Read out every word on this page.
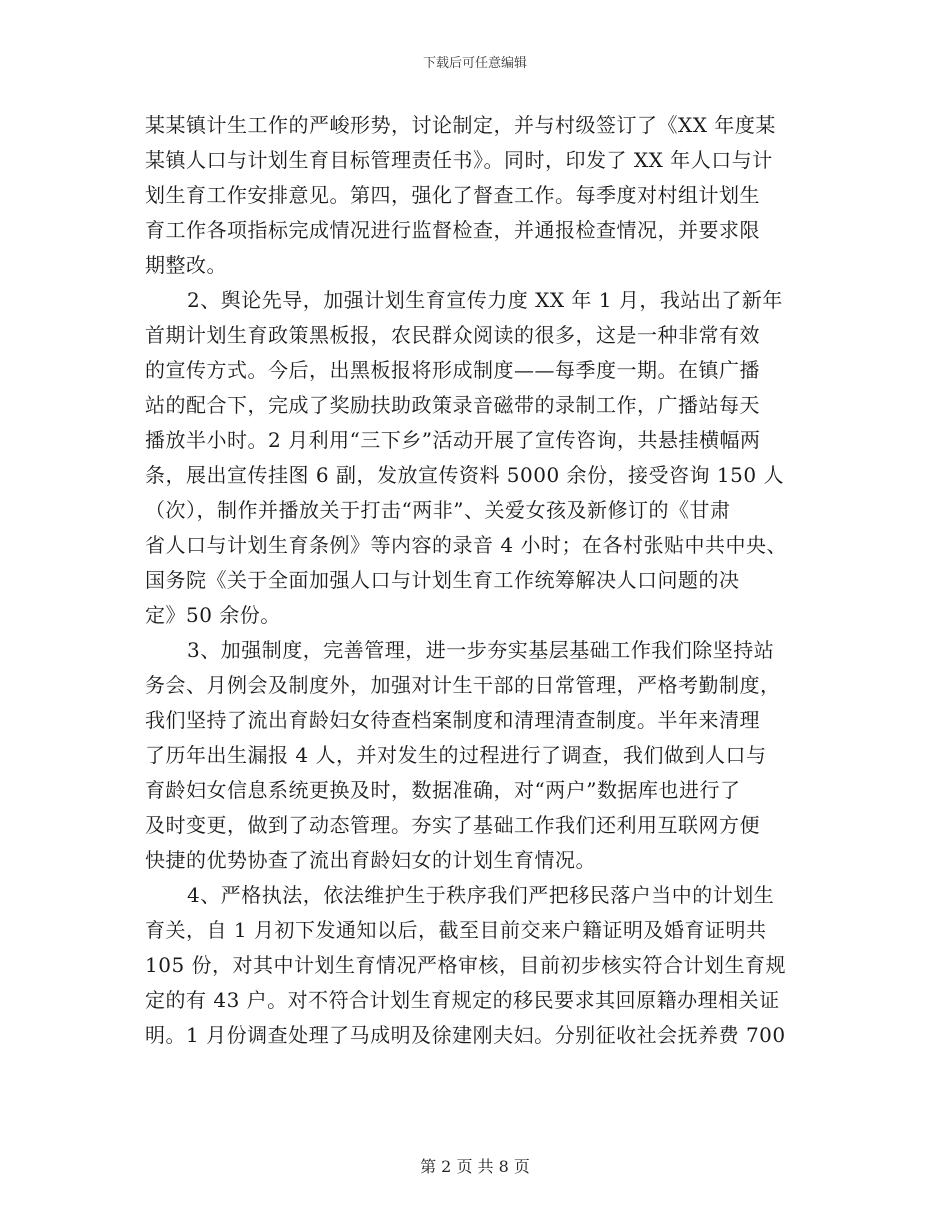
下载后可任意编辑
某某镇计生工作的严峻形势，讨论制定，并与村级签订了《XX 年度某
某镇人口与计划生育目标管理责任书》。同时，印发了 XX 年人口与计
划生育工作安排意见。第四，强化了督查工作。每季度对村组计划生
育工作各项指标完成情况进行监督检查，并通报检查情况，并要求限
期整改。
2、舆论先导，加强计划生育宣传力度 XX 年 1 月，我站出了新年
首期计划生育政策黑板报，农民群众阅读的很多，这是一种非常有效
的宣传方式。今后，出黑板报将形成制度——每季度一期。在镇广播
站的配合下，完成了奖励扶助政策录音磁带的录制工作，广播站每天
播放半小时。2 月利用“三下乡”活动开展了宣传咨询，共悬挂横幅两
条，展出宣传挂图 6 副，发放宣传资料 5000 余份，接受咨询 150 人
（次），制作并播放关于打击“两非”、关爱女孩及新修订的《甘肃
省人口与计划生育条例》等内容的录音 4 小时；在各村张贴中共中央、
国务院《关于全面加强人口与计划生育工作统筹解决人口问题的决
定》50 余份。
3、加强制度，完善管理，进一步夯实基层基础工作我们除坚持站
务会、月例会及制度外，加强对计生干部的日常管理，严格考勤制度，
我们坚持了流出育龄妇女待查档案制度和清理清查制度。半年来清理
了历年出生漏报 4 人，并对发生的过程进行了调查，我们做到人口与
育龄妇女信息系统更换及时，数据准确，对“两户”数据库也进行了
及时变更，做到了动态管理。夯实了基础工作我们还利用互联网方便
快捷的优势协查了流出育龄妇女的计划生育情况。
4、严格执法，依法维护生于秩序我们严把移民落户当中的计划生
育关，自 1 月初下发通知以后，截至目前交来户籍证明及婚育证明共
105 份，对其中计划生育情况严格审核，目前初步核实符合计划生育规
定的有 43 户。对不符合计划生育规定的移民要求其回原籍办理相关证
明。1 月份调查处理了马成明及徐建刚夫妇。分别征收社会抚养费 700
第 2 页 共 8 页
